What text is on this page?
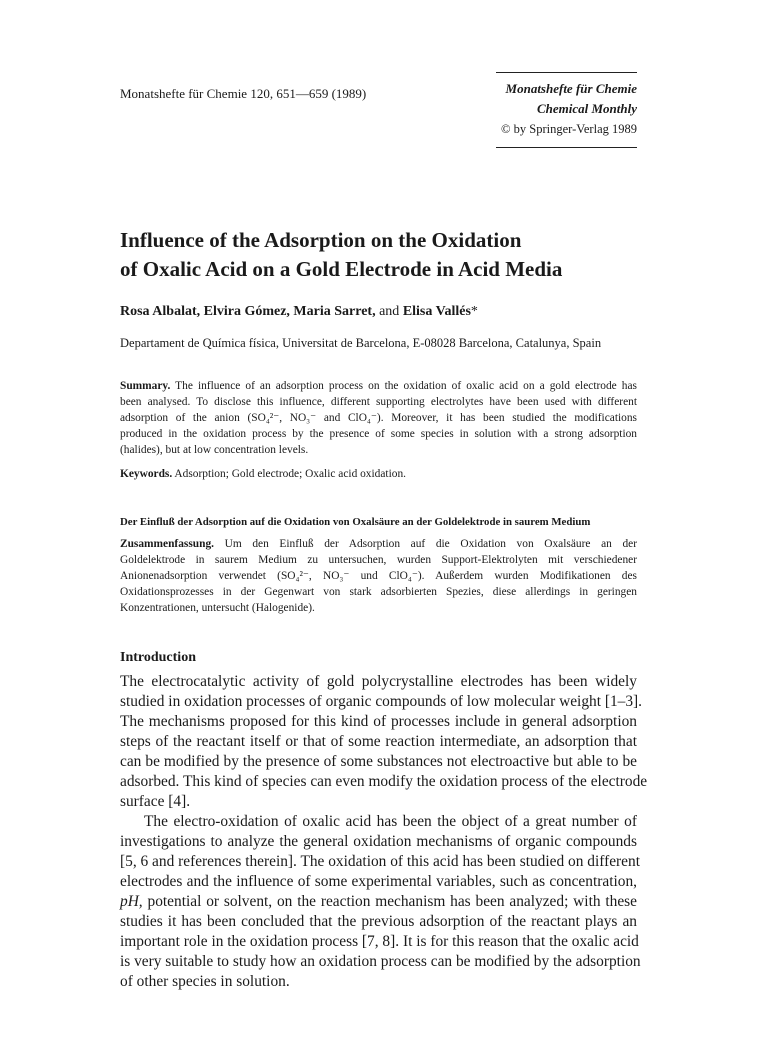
Monatshefte für Chemie 120, 651—659 (1989)	Monatshefte für Chemie
Chemical Monthly
© by Springer-Verlag 1989
Influence of the Adsorption on the Oxidation
of Oxalic Acid on a Gold Electrode in Acid Media
Rosa Albalat, Elvira Gómez, Maria Sarret, and Elisa Vallés*
Departament de Química física, Universitat de Barcelona, E-08028 Barcelona, Catalunya, Spain
Summary. The influence of an adsorption process on the oxidation of oxalic acid on a gold electrode has
been analysed. To disclose this influence, different supporting electrolytes have been used with different
adsorption of the anion (SO₄²⁻, NO₃⁻ and ClO₄⁻). Moreover, it has been studied the modifications
produced in the oxidation process by the presence of some species in solution with a strong adsorption
(halides), but at low concentration levels.
Keywords. Adsorption; Gold electrode; Oxalic acid oxidation.
Der Einfluß der Adsorption auf die Oxidation von Oxalsäure an der Goldelektrode in saurem Medium
Zusammenfassung. Um den Einfluß der Adsorption auf die Oxidation von Oxalsäure an der
Goldelektrode in saurem Medium zu untersuchen, wurden Support-Elektrolyten mit verschiedener
Anionenadsorption verwendet (SO₄²⁻, NO₃⁻ und ClO₄⁻). Außerdem wurden Modifikationen des
Oxidationsprozesses in der Gegenwart von stark adsorbierten Spezies, diese allerdings in geringen
Konzentrationen, untersucht (Halogenide).
Introduction
The electrocatalytic activity of gold polycrystalline electrodes has been widely
studied in oxidation processes of organic compounds of low molecular weight [1–3].
The mechanisms proposed for this kind of processes include in general adsorption
steps of the reactant itself or that of some reaction intermediate, an adsorption that
can be modified by the presence of some substances not electroactive but able to be
adsorbed. This kind of species can even modify the oxidation process of the electrode
surface [4].
The electro-oxidation of oxalic acid has been the object of a great number of
investigations to analyze the general oxidation mechanisms of organic compounds
[5, 6 and references therein]. The oxidation of this acid has been studied on different
electrodes and the influence of some experimental variables, such as concentration,
pH, potential or solvent, on the reaction mechanism has been analyzed; with these
studies it has been concluded that the previous adsorption of the reactant plays an
important role in the oxidation process [7, 8]. It is for this reason that the oxalic acid
is very suitable to study how an oxidation process can be modified by the adsorption
of other species in solution.
